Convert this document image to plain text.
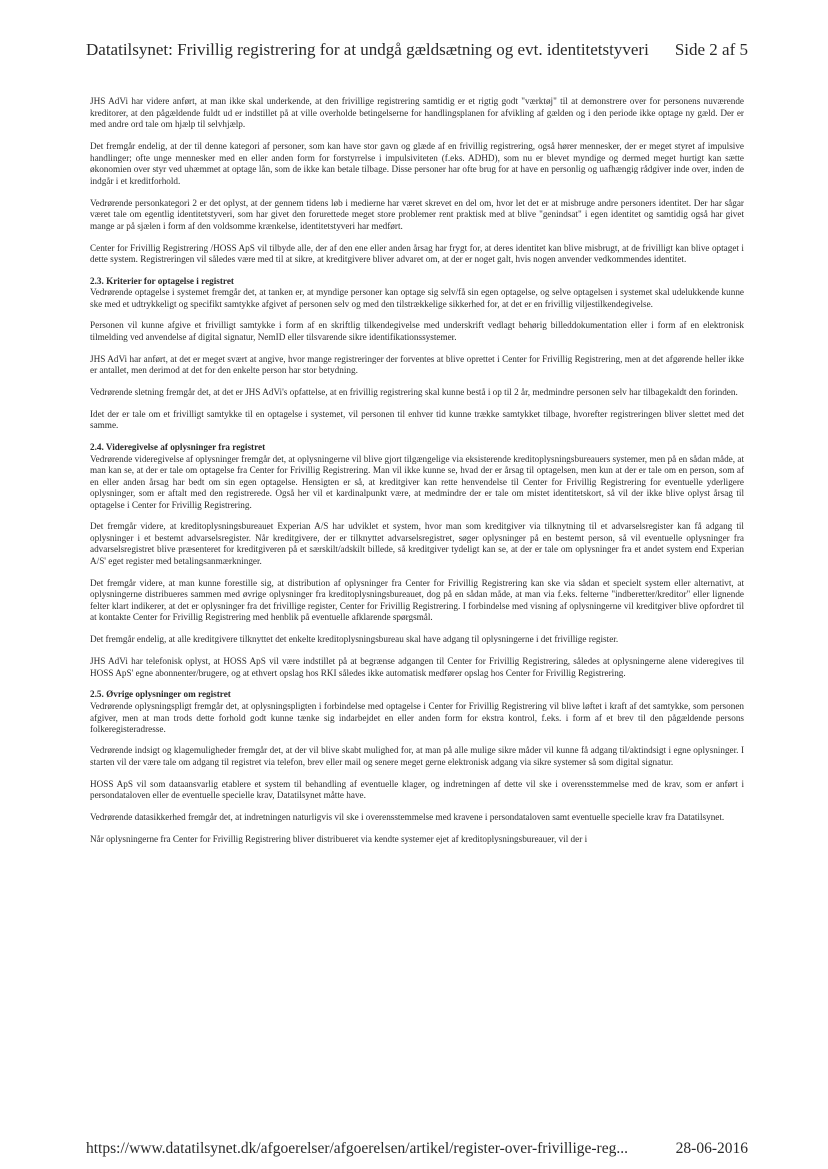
Datatilsynet: Frivillig registrering for at undgå gældsætning og evt. identitetstyveri Side 2 af 5

JHS AdVi har videre anført, at man ikke skal underkende, at den frivillige registrering samtidig er et rigtig godt "værktøj" til at demonstrere over for personens nuværende kreditorer, at den pågældende fuldt ud er indstillet på at ville overholde betingelserne for handlingsplanen for afvikling af gælden og i den periode ikke optage ny gæld. Der er med andre ord tale om hjælp til selvhjælp.

Det fremgår endelig, at der til denne kategori af personer, som kan have stor gavn og glæde af en frivillig registrering, også hører mennesker, der er meget styret af impulsive handlinger; ofte unge mennesker med en eller anden form for forstyrrelse i impulsiviteten (f.eks. ADHD), som nu er blevet myndige og dermed meget hurtigt kan sætte økonomien over styr ved uhæmmet at optage lån, som de ikke kan betale tilbage. Disse personer har ofte brug for at have en personlig og uafhængig rådgiver inde over, inden de indgår i et kreditforhold.

Vedrørende personkategori 2 er det oplyst, at der gennem tidens løb i medierne har været skrevet en del om, hvor let det er at misbruge andre personers identitet. Der har sågar været tale om egentlig identitetstyveri, som har givet den forurettede meget store problemer rent praktisk med at blive "genindsat" i egen identitet og samtidig også har givet mange ar på sjælen i form af den voldsomme krænkelse, identitetstyveri har medført.

Center for Frivillig Registrering /HOSS ApS vil tilbyde alle, der af den ene eller anden årsag har frygt for, at deres identitet kan blive misbrugt, at de frivilligt kan blive optaget i dette system. Registreringen vil således være med til at sikre, at kreditgivere bliver advaret om, at der er noget galt, hvis nogen anvender vedkommendes identitet.

2.3. Kriterier for optagelse i registret

Vedrørende optagelse i systemet fremgår det, at tanken er, at myndige personer kan optage sig selv/få sin egen optagelse, og selve optagelsen i systemet skal udelukkende kunne ske med et udtrykkeligt og specifikt samtykke afgivet af personen selv og med den tilstrækkelige sikkerhed for, at det er en frivillig viljestilkendegivelse.

Personen vil kunne afgive et frivilligt samtykke i form af en skriftlig tilkendegivelse med underskrift vedlagt behørig billeddokumentation eller i form af en elektronisk tilmelding ved anvendelse af digital signatur, NemID eller tilsvarende sikre identifikationssystemer.

JHS AdVi har anført, at det er meget svært at angive, hvor mange registreringer der forventes at blive oprettet i Center for Frivillig Registrering, men at det afgørende heller ikke er antallet, men derimod at det for den enkelte person har stor betydning.

Vedrørende sletning fremgår det, at det er JHS AdVi's opfattelse, at en frivillig registrering skal kunne bestå i op til 2 år, medmindre personen selv har tilbagekaldt den forinden.

Idet der er tale om et frivilligt samtykke til en optagelse i systemet, vil personen til enhver tid kunne trække samtykket tilbage, hvorefter registreringen bliver slettet med det samme.

2.4. Videregivelse af oplysninger fra registret

Vedrørende videregivelse af oplysninger fremgår det, at oplysningerne vil blive gjort tilgængelige via eksisterende kreditoplysningsbureauers systemer, men på en sådan måde, at man kan se, at der er tale om optagelse fra Center for Frivillig Registrering. Man vil ikke kunne se, hvad der er årsag til optagelsen, men kun at der er tale om en person, som af en eller anden årsag har bedt om sin egen optagelse. Hensigten er så, at kreditgiver kan rette henvendelse til Center for Frivillig Registrering for eventuelle yderligere oplysninger, som er aftalt med den registrerede. Også her vil et kardinalpunkt være, at medmindre der er tale om mistet identitetskort, så vil der ikke blive oplyst årsag til optagelse i Center for Frivillig Registrering.

Det fremgår videre, at kreditoplysningsbureauet Experian A/S har udviklet et system, hvor man som kreditgiver via tilknytning til et advarselsregister kan få adgang til oplysninger i et bestemt advarselsregister. Når kreditgivere, der er tilknyttet advarselsregistret, søger oplysninger på en bestemt person, så vil eventuelle oplysninger fra advarselsregistret blive præsenteret for kreditgiveren på et særskilt/adskilt billede, så kreditgiver tydeligt kan se, at der er tale om oplysninger fra et andet system end Experian A/S' eget register med betalingsanmærkninger.

Det fremgår videre, at man kunne forestille sig, at distribution af oplysninger fra Center for Frivillig Registrering kan ske via sådan et specielt system eller alternativt, at oplysningerne distribueres sammen med øvrige oplysninger fra kreditoplysningsbureauet, dog på en sådan måde, at man via f.eks. felterne "indberetter/kreditor" eller lignende felter klart indikerer, at det er oplysninger fra det frivillige register, Center for Frivillig Registrering. I forbindelse med visning af oplysningerne vil kreditgiver blive opfordret til at kontakte Center for Frivillig Registrering med henblik på eventuelle afklarende spørgsmål.

Det fremgår endelig, at alle kreditgivere tilknyttet det enkelte kreditoplysningsbureau skal have adgang til oplysningerne i det frivillige register.

JHS AdVi har telefonisk oplyst, at HOSS ApS vil være indstillet på at begrænse adgangen til Center for Frivillig Registrering, således at oplysningerne alene videregives til HOSS ApS' egne abonnenter/brugere, og at ethvert opslag hos RKI således ikke automatisk medfører opslag hos Center for Frivillig Registrering.

2.5. Øvrige oplysninger om registret

Vedrørende oplysningspligt fremgår det, at oplysningspligten i forbindelse med optagelse i Center for Frivillig Registrering vil blive løftet i kraft af det samtykke, som personen afgiver, men at man trods dette forhold godt kunne tænke sig indarbejdet en eller anden form for ekstra kontrol, f.eks. i form af et brev til den pågældende persons folkeregisteradresse.

Vedrørende indsigt og klagemuligheder fremgår det, at der vil blive skabt mulighed for, at man på alle mulige sikre måder vil kunne få adgang til/aktindsigt i egne oplysninger. I starten vil der være tale om adgang til registret via telefon, brev eller mail og senere meget gerne elektronisk adgang via sikre systemer så som digital signatur.

HOSS ApS vil som dataansvarlig etablere et system til behandling af eventuelle klager, og indretningen af dette vil ske i overensstemmelse med de krav, som er anført i persondataloven eller de eventuelle specielle krav, Datatilsynet måtte have.

Vedrørende datasikkerhed fremgår det, at indretningen naturligvis vil ske i overensstemmelse med kravene i persondataloven samt eventuelle specielle krav fra Datatilsynet.

Når oplysningerne fra Center for Frivillig Registrering bliver distribueret via kendte systemer ejet af kreditoplysningsbureauer, vil der i

https://www.datatilsynet.dk/afgoerelser/afgoerelsen/artikel/register-over-frivillige-reg...	28-06-2016
